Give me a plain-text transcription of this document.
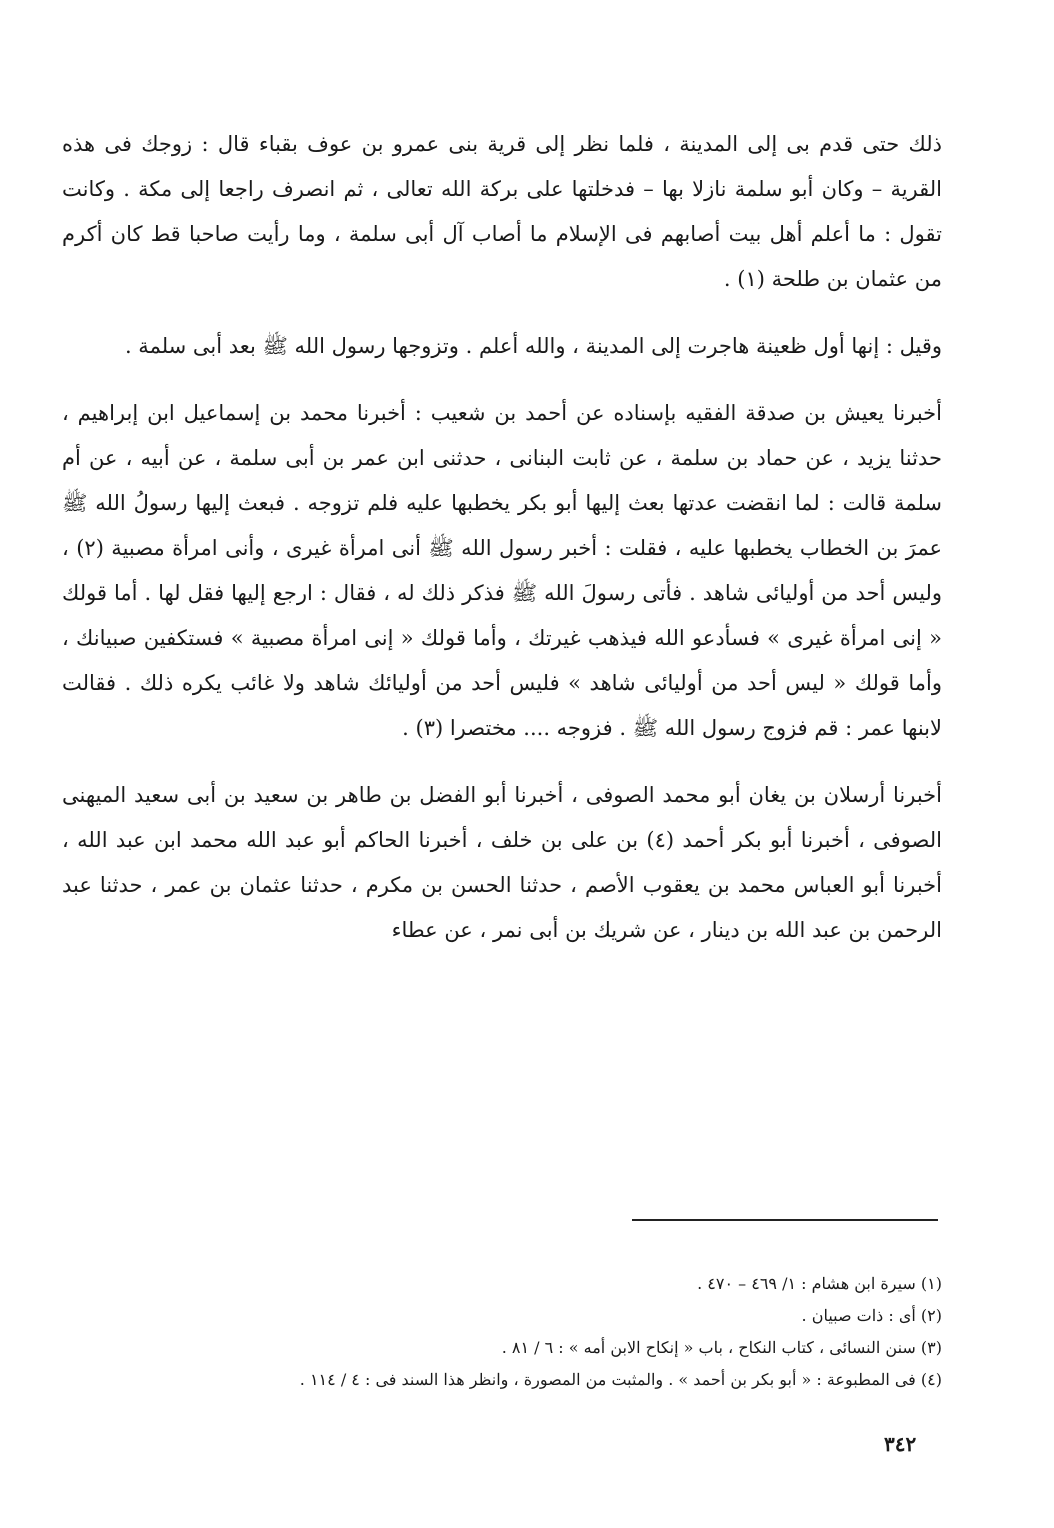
ذلك حتى قدم بى إلى المدينة ، فلما نظر إلى قرية بنى عمرو بن عوف بقباء قال : زوجك فى هذه القرية – وكان أبو سلمة نازلا بها – فدخلتها على بركة الله تعالى ، ثم انصرف راجعا إلى مكة . وكانت تقول : ما أعلم أهل بيت أصابهم فى الإسلام ما أصاب آل أبى سلمة ، وما رأيت صاحبا قط كان أكرم من عثمان بن طلحة (١) .

وقيل : إنها أول ظعينة هاجرت إلى المدينة ، والله أعلم . وتزوجها رسول الله ﷺ بعد أبى سلمة .

أخبرنا يعيش بن صدقة الفقيه بإسناده عن أحمد بن شعيب : أخبرنا محمد بن إسماعيل ابن إبراهيم ، حدثنا يزيد ، عن حماد بن سلمة ، عن ثابت البنانى ، حدثنى ابن عمر بن أبى سلمة ، عن أبيه ، عن أم سلمة قالت : لما انقضت عدتها بعث إليها أبو بكر يخطبها عليه فلم تزوجه . فبعث إليها رسولُ الله ﷺ عمرَ بن الخطاب يخطبها عليه ، فقلت : أخبر رسول الله ﷺ أنى امرأة غيرى ، وأنى امرأة مصبية (٢) ، وليس أحد من أوليائى شاهد . فأتى رسولَ الله ﷺ فذكر ذلك له ، فقال : ارجع إليها فقل لها . أما قولك « إنى امرأة غيرى » فسأدعو الله فيذهب غيرتك ، وأما قولك « إنى امرأة مصبية » فستكفين صبيانك ، وأما قولك « ليس أحد من أوليائى شاهد » فليس أحد من أوليائك شاهد ولا غائب يكره ذلك . فقالت لابنها عمر : قم فزوج رسول الله ﷺ . فزوجه .... مختصرا (٣) .

أخبرنا أرسلان بن يغان أبو محمد الصوفى ، أخبرنا أبو الفضل بن طاهر بن سعيد بن أبى سعيد الميهنى الصوفى ، أخبرنا أبو بكر أحمد (٤) بن على بن خلف ، أخبرنا الحاكم أبو عبد الله محمد ابن عبد الله ، أخبرنا أبو العباس محمد بن يعقوب الأصم ، حدثنا الحسن بن مكرم ، حدثنا عثمان بن عمر ، حدثنا عبد الرحمن بن عبد الله بن دينار ، عن شريك بن أبى نمر ، عن عطاء

(١) سيرة ابن هشام : ١/ ٤٦٩ – ٤٧٠ .

(٢) أى : ذات صبيان .

(٣) سنن النسائى ، كتاب النكاح ، باب « إنكاح الابن أمه » : ٦ / ٨١ .

(٤) فى المطبوعة : « أبو بكر بن أحمد » . والمثبت من المصورة ، وانظر هذا السند فى : ٤ / ١١٤ .

٣٤٢
